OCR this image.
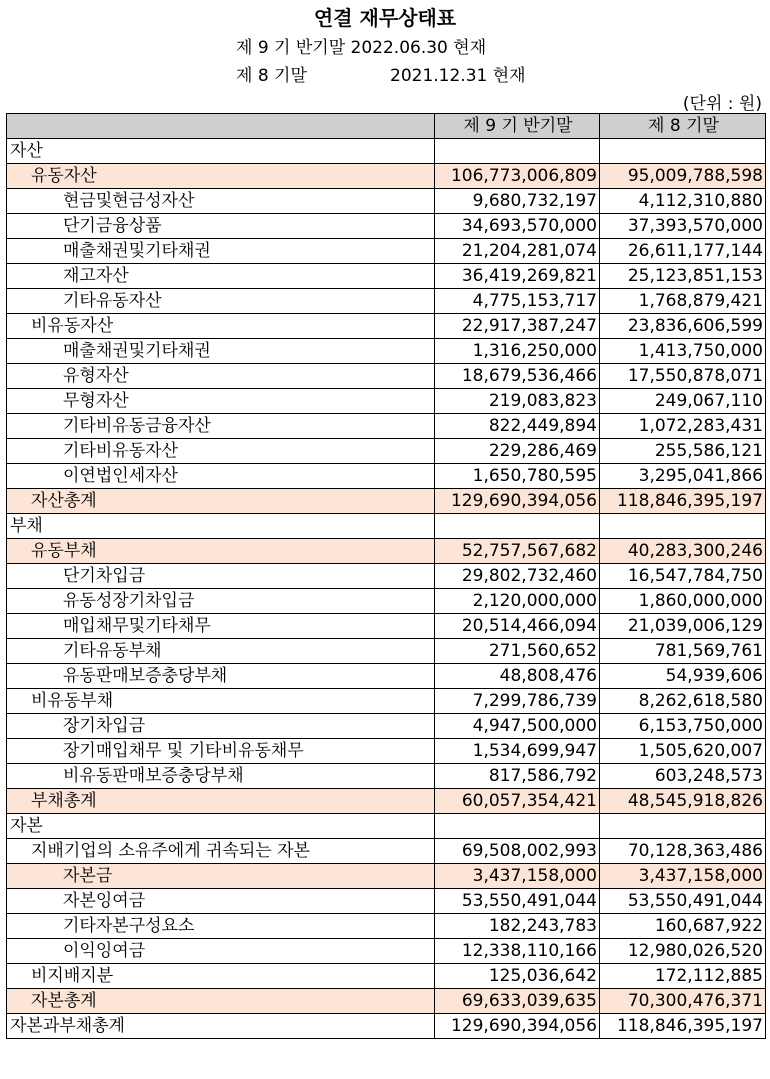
연결 재무상태표
제 9 기 반기말 2022.06.30 현재
제 8 기말	2021.12.31 현재
(단위 : 원)
	제 9 기 반기말	제 8 기말
자산		
유동자산	106,773,006,809	95,009,788,598
현금및현금성자산	9,680,732,197	4,112,310,880
단기금융상품	34,693,570,000	37,393,570,000
매출채권및기타채권	21,204,281,074	26,611,177,144
재고자산	36,419,269,821	25,123,851,153
기타유동자산	4,775,153,717	1,768,879,421
비유동자산	22,917,387,247	23,836,606,599
매출채권및기타채권	1,316,250,000	1,413,750,000
유형자산	18,679,536,466	17,550,878,071
무형자산	219,083,823	249,067,110
기타비유동금융자산	822,449,894	1,072,283,431
기타비유동자산	229,286,469	255,586,121
이연법인세자산	1,650,780,595	3,295,041,866
자산총계	129,690,394,056	118,846,395,197
부채		
유동부채	52,757,567,682	40,283,300,246
단기차입금	29,802,732,460	16,547,784,750
유동성장기차입금	2,120,000,000	1,860,000,000
매입채무및기타채무	20,514,466,094	21,039,006,129
기타유동부채	271,560,652	781,569,761
유동판매보증충당부채	48,808,476	54,939,606
비유동부채	7,299,786,739	8,262,618,580
장기차입금	4,947,500,000	6,153,750,000
장기매입채무 및 기타비유동채무	1,534,699,947	1,505,620,007
비유동판매보증충당부채	817,586,792	603,248,573
부채총계	60,057,354,421	48,545,918,826
자본		
지배기업의 소유주에게 귀속되는 자본	69,508,002,993	70,128,363,486
자본금	3,437,158,000	3,437,158,000
자본잉여금	53,550,491,044	53,550,491,044
기타자본구성요소	182,243,783	160,687,922
이익잉여금	12,338,110,166	12,980,026,520
비지배지분	125,036,642	172,112,885
자본총계	69,633,039,635	70,300,476,371
자본과부채총계	129,690,394,056	118,846,395,197
